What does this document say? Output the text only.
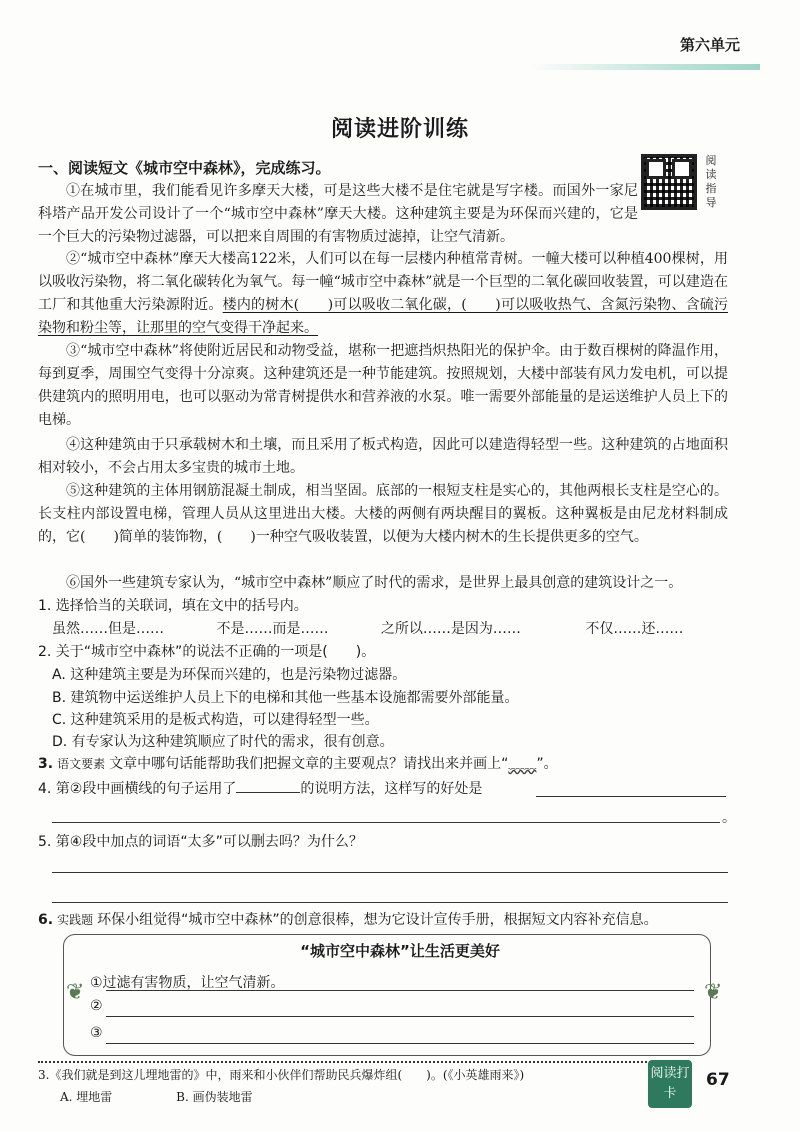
第六单元
阅读进阶训练
一、阅读短文《城市空中森林》，完成练习。	阅读指导
①在城市里，我们能看见许多摩天大楼，可是这些大楼不是住宅就是写字楼。而国外一家尼科塔产品开发公司设计了一个“城市空中森林”摩天大楼。这种建筑主要是为环保而兴建的，它是一个巨大的污染物过滤器，可以把来自周围的有害物质过滤掉，让空气清新。
②“城市空中森林”摩天大楼高122米，人们可以在每一层楼内种植常青树。一幢大楼可以种植400棵树，用以吸收污染物，将二氧化碳转化为氧气。每一幢“城市空中森林”就是一个巨型的二氧化碳回收装置，可以建造在工厂和其他重大污染源附近。楼内的树木(　　)可以吸收二氧化碳，(　　)可以吸收热气、含氮污染物、含硫污染物和粉尘等，让那里的空气变得干净起来。
③“城市空中森林”将使附近居民和动物受益，堪称一把遮挡炽热阳光的保护伞。由于数百棵树的降温作用，每到夏季，周围空气变得十分凉爽。这种建筑还是一种节能建筑。按照规划，大楼中部装有风力发电机，可以提供建筑内的照明用电，也可以驱动为常青树提供水和营养液的水泵。唯一需要外部能量的是运送维护人员上下的电梯。
④这种建筑由于只承载树木和土壤，而且采用了板式构造，因此可以建造得轻型一些。这种建筑的占地面积相对较小，不会占用太多宝贵的城市土地。
⑤这种建筑的主体用钢筋混凝土制成，相当坚固。底部的一根短支柱是实心的，其他两根长支柱是空心的。长支柱内部设置电梯，管理人员从这里进出大楼。大楼的两侧有两块醒目的翼板。这种翼板是由尼龙材料制成的，它(　　)简单的装饰物，(　　)一种空气吸收装置，以便为大楼内树木的生长提供更多的空气。
⑥国外一些建筑专家认为，“城市空中森林”顺应了时代的需求，是世界上最具创意的建筑设计之一。
1. 选择恰当的关联词，填在文中的括号内。
虽然……但是……	不是……而是……	之所以……是因为……	不仅……还……
2. 关于“城市空中森林”的说法不正确的一项是(　　)。
A. 这种建筑主要是为环保而兴建的，也是污染物过滤器。
B. 建筑物中运送维护人员上下的电梯和其他一些基本设施都需要外部能量。
C. 这种建筑采用的是板式构造，可以建得轻型一些。
D. 有专家认为这种建筑顺应了时代的需求，很有创意。
3. 语文要素 文章中哪句话能帮助我们把握文章的主要观点？请找出来并画上“﹏﹏”。
4. 第②段中画横线的句子运用了	的说明方法，这样写的好处是
。
5. 第④段中加点的词语“太多”可以删去吗？为什么？
6. 实践题 环保小组觉得“城市空中森林”的创意很棒，想为它设计宣传手册，根据短文内容补充信息。
❦	❦
“城市空中森林”让生活更美好
①过滤有害物质，让空气清新。
②
③
3.《我们就是到这儿埋地雷的》中，雨来和小伙伴们帮助民兵爆炸组(　　)。(《小英雄雨来》)
A. 埋地雷	B. 画伪装地雷
阅读打卡
67
